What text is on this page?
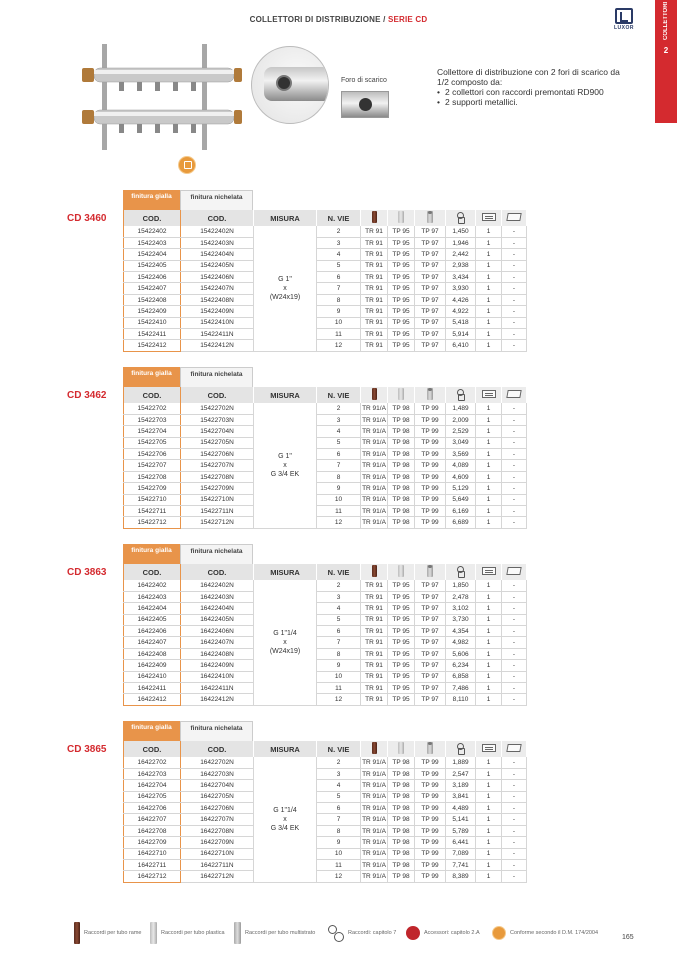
COLLETTORI DI DISTRIBUZIONE / SERIE CD
LUXOR	COLLETTORI
2
Foro di scarico

Collettore di distribuzione con 2 fori di scarico da 1/2 composto da:

• 2 collettori con raccordi premontati RD900
• 2 supporti metallici.
CD 3460
finitura gialla	finitura nichelata
COD.	COD.	MISURA	N. VIE						
15422402	15422402N	G 1"
x
(W24x19)	2	TR 91	TP 95	TP 97	1,450	1	-
15422403	15422403N		3	TR 91	TP 95	TP 97	1,946	1	-
15422404	15422404N		4	TR 91	TP 95	TP 97	2,442	1	-
15422405	15422405N		5	TR 91	TP 95	TP 97	2,938	1	-
15422406	15422406N		6	TR 91	TP 95	TP 97	3,434	1	-
15422407	15422407N		7	TR 91	TP 95	TP 97	3,930	1	-
15422408	15422408N		8	TR 91	TP 95	TP 97	4,426	1	-
15422409	15422409N		9	TR 91	TP 95	TP 97	4,922	1	-
15422410	15422410N		10	TR 91	TP 95	TP 97	5,418	1	-
15422411	15422411N		11	TR 91	TP 95	TP 97	5,914	1	-
15422412	15422412N		12	TR 91	TP 95	TP 97	6,410	1	-
CD 3462
finitura gialla	finitura nichelata
COD.	COD.	MISURA	N. VIE						
15422702	15422702N	G 1"
x
G 3/4 EK	2	TR 91/A	TP 98	TP 99	1,489	1	-
15422703	15422703N		3	TR 91/A	TP 98	TP 99	2,009	1	-
15422704	15422704N		4	TR 91/A	TP 98	TP 99	2,529	1	-
15422705	15422705N		5	TR 91/A	TP 98	TP 99	3,049	1	-
15422706	15422706N		6	TR 91/A	TP 98	TP 99	3,569	1	-
15422707	15422707N		7	TR 91/A	TP 98	TP 99	4,089	1	-
15422708	15422708N		8	TR 91/A	TP 98	TP 99	4,609	1	-
15422709	15422709N		9	TR 91/A	TP 98	TP 99	5,129	1	-
15422710	15422710N		10	TR 91/A	TP 98	TP 99	5,649	1	-
15422711	15422711N		11	TR 91/A	TP 98	TP 99	6,169	1	-
15422712	15422712N		12	TR 91/A	TP 98	TP 99	6,689	1	-
CD 3863
finitura gialla	finitura nichelata
COD.	COD.	MISURA	N. VIE						
16422402	16422402N	G 1"1/4
x
(W24x19)	2	TR 91	TP 95	TP 97	1,850	1	-
16422403	16422403N		3	TR 91	TP 95	TP 97	2,478	1	-
16422404	16422404N		4	TR 91	TP 95	TP 97	3,102	1	-
16422405	16422405N		5	TR 91	TP 95	TP 97	3,730	1	-
16422406	16422406N		6	TR 91	TP 95	TP 97	4,354	1	-
16422407	16422407N		7	TR 91	TP 95	TP 97	4,982	1	-
16422408	16422408N		8	TR 91	TP 95	TP 97	5,606	1	-
16422409	16422409N		9	TR 91	TP 95	TP 97	6,234	1	-
16422410	16422410N		10	TR 91	TP 95	TP 97	6,858	1	-
16422411	16422411N		11	TR 91	TP 95	TP 97	7,486	1	-
16422412	16422412N		12	TR 91	TP 95	TP 97	8,110	1	-
CD 3865
finitura gialla	finitura nichelata
COD.	COD.	MISURA	N. VIE						
16422702	16422702N	G 1"1/4
x
G 3/4 EK	2	TR 91/A	TP 98	TP 99	1,889	1	-
16422703	16422703N		3	TR 91/A	TP 98	TP 99	2,547	1	-
16422704	16422704N		4	TR 91/A	TP 98	TP 99	3,189	1	-
16422705	16422705N		5	TR 91/A	TP 98	TP 99	3,841	1	-
16422706	16422706N		6	TR 91/A	TP 98	TP 99	4,489	1	-
16422707	16422707N		7	TR 91/A	TP 98	TP 99	5,141	1	-
16422708	16422708N		8	TR 91/A	TP 98	TP 99	5,789	1	-
16422709	16422709N		9	TR 91/A	TP 98	TP 99	6,441	1	-
16422710	16422710N		10	TR 91/A	TP 98	TP 99	7,089	1	-
16422711	16422711N		11	TR 91/A	TP 98	TP 99	7,741	1	-
16422712	16422712N		12	TR 91/A	TP 98	TP 99	8,389	1	-
Raccordi per tubo rame	Raccordi per tubo plastica	Raccordi per tubo multistrato	Raccordi: capitolo 7	Accessori: capitolo 2.A	Conforme secondo il D.M. 174/2004
165
